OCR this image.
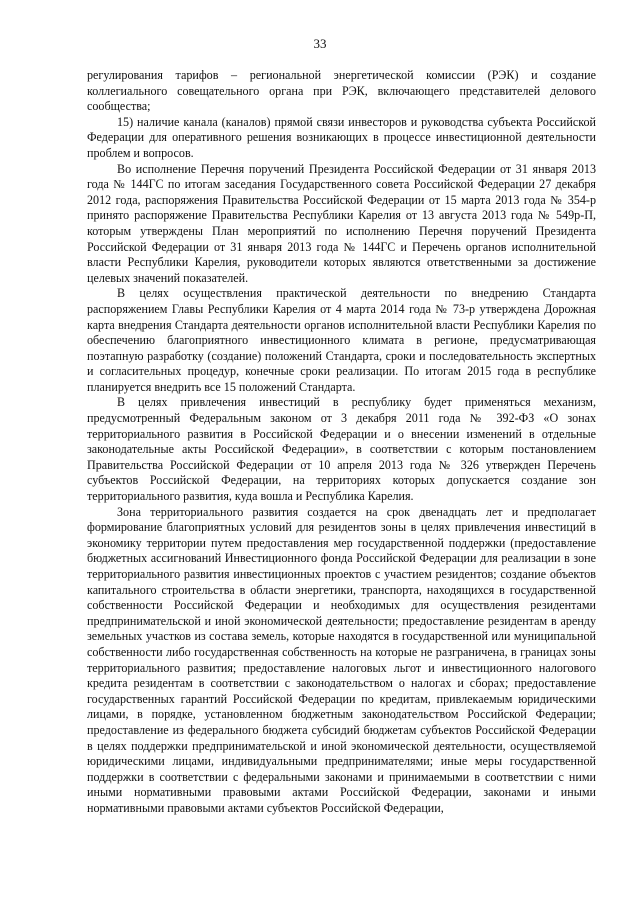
33

регулирования тарифов – региональной энергетической комиссии (РЭК) и создание коллегиального совещательного органа при РЭК, включающего представителей делового сообщества;

15) наличие канала (каналов) прямой связи инвесторов и руководства субъекта Российской Федерации для оперативного решения возникающих в процессе инвестиционной деятельности проблем и вопросов.

Во исполнение Перечня поручений Президента Российской Федерации от 31 января 2013 года № 144ГС по итогам заседания Государственного совета Российской Федерации 27 декабря 2012 года, распоряжения Правительства Российской Федерации от 15 марта 2013 года № 354-р принято распоряжение Правительства Республики Карелия от 13 августа 2013 года № 549р-П, которым утверждены План мероприятий по исполнению Перечня поручений Президента Российской Федерации от 31 января 2013 года № 144ГС и Перечень органов исполнительной власти Республики Карелия, руководители которых являются ответственными за достижение целевых значений показателей.

В целях осуществления практической деятельности по внедрению Стандарта распоряжением Главы Республики Карелия от 4 марта 2014 года № 73-р утверждена Дорожная карта внедрения Стандарта деятельности органов исполнительной власти Республики Карелия по обеспечению благоприятного инвестиционного климата в регионе, предусматривающая поэтапную разработку (создание) положений Стандарта, сроки и последовательность экспертных и согласительных процедур, конечные сроки реализации. По итогам 2015 года в республике планируется внедрить все 15 положений Стандарта.

В целях привлечения инвестиций в республику будет применяться механизм, предусмотренный Федеральным законом от 3 декабря 2011 года № 392-ФЗ «О зонах территориального развития в Российской Федерации и о внесении изменений в отдельные законодательные акты Российской Федерации», в соответствии с которым постановлением Правительства Российской Федерации от 10 апреля 2013 года № 326 утвержден Перечень субъектов Российской Федерации, на территориях которых допускается создание зон территориального развития, куда вошла и Республика Карелия.

Зона территориального развития создается на срок двенадцать лет и предполагает формирование благоприятных условий для резидентов зоны в целях привлечения инвестиций в экономику территории путем предоставления мер государственной поддержки (предоставление бюджетных ассигнований Инвестиционного фонда Российской Федерации для реализации в зоне территориального развития инвестиционных проектов с участием резидентов; создание объектов капитального строительства в области энергетики, транспорта, находящихся в государственной собственности Российской Федерации и необходимых для осуществления резидентами предпринимательской и иной экономической деятельности; предоставление резидентам в аренду земельных участков из состава земель, которые находятся в государственной или муниципальной собственности либо государственная собственность на которые не разграничена, в границах зоны территориального развития; предоставление налоговых льгот и инвестиционного налогового кредита резидентам в соответствии с законодательством о налогах и сборах; предоставление государственных гарантий Российской Федерации по кредитам, привлекаемым юридическими лицами, в порядке, установленном бюджетным законодательством Российской Федерации; предоставление из федерального бюджета субсидий бюджетам субъектов Российской Федерации в целях поддержки предпринимательской и иной экономической деятельности, осуществляемой юридическими лицами, индивидуальными предпринимателями; иные меры государственной поддержки в соответствии с федеральными законами и принимаемыми в соответствии с ними иными нормативными правовыми актами Российской Федерации, законами и иными нормативными правовыми актами субъектов Российской Федерации,
